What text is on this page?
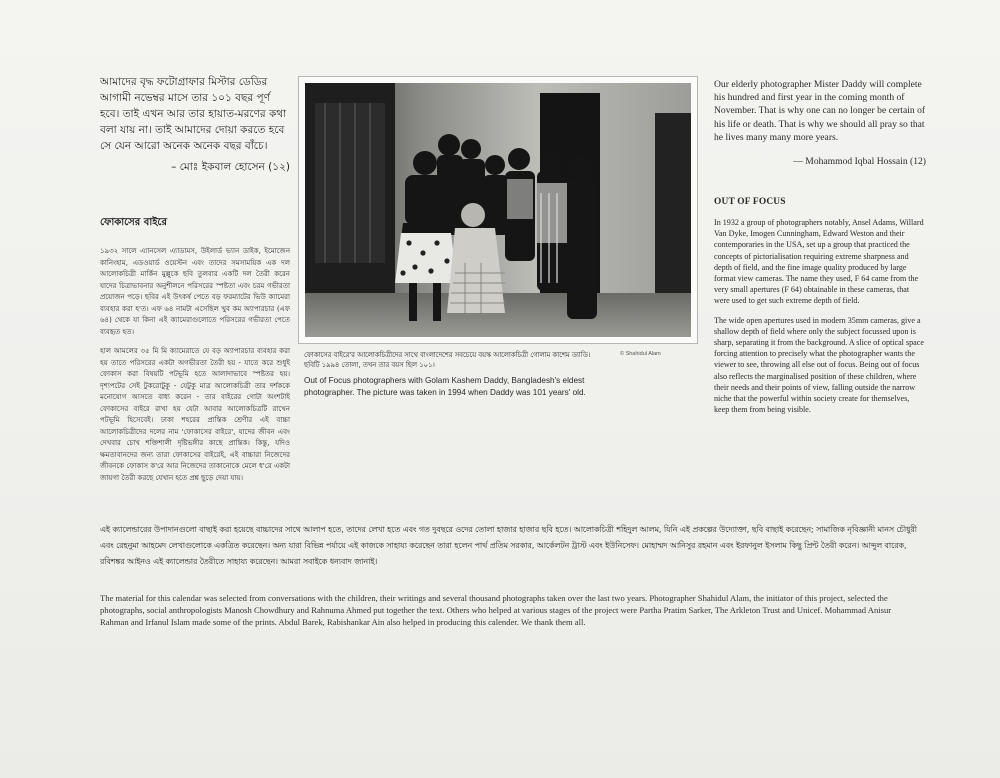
আমাদের বৃদ্ধ ফটোগ্রাফার মিস্টার ডেডির আগামী নভেম্বর মাসে তার ১০১ বছর পূর্ণ হবে। তাই এখন আর তার হায়াত-মরণের কথা বলা যায় না। তাই আমাদের দোয়া করতে হবে সে যেন আরো অনেক অনেক বছর বাঁচে।

– মোঃ ইকবাল হোসেন (১২)

ফোকাসের বাইরে

১৯৩২ সালে এ্যানসেল এ্যাডামস, উইলার্ড ভ্যান ডাইক, ইমোজেন কানিংহাম, এডওয়ার্ড ওয়েস্টন এবং তাদের সমসাময়িক এক দল আলোকচিত্রী মার্কিন মুল্লুকে ছবি তুলবার একটি দল তৈরী করেন যাদের চিত্রাভাবনার অনুশীলনে পরিসরের স্পষ্টতা এবং চরম গভীরতা প্রয়োজন পড়ে। ছবির এই উৎকর্ষ পেতে বড় ফরম্যাটের ভিউ ক্যামেরা ব্যবহার করা হ'ত। এফ ৬৪ নামটা এসেছিল খুব কম অ্যাপারচার (এফ ৬৪) থেকে যা কিনা এই ক্যামেরাগুলোতে পরিসরের গভীরতা পেতে ব্যবহৃত হত।

হাল আমলের ৩৫ মি মি ক্যামেরাতে যে বড় অ্যাপারচার ব্যবহার করা হয় তাতে পরিসরের একটা অগভীরতা তৈরী হয় - যাতে করে শুধুই ফোকাস করা বিষয়টি পটভূমি হতে আলাদাভাবে স্পষ্টতর হয়। দৃশ্যপটের সেই টুকরোটুকু - যেটুকু মাত্র আলোকচিত্রী তার দর্শককে মনোযোগ আসতে বাধ্য করেন - তার বাইরের গোটা অংশটাই ফোকাসের বাইরে রাখা হয় যেটা আবার আলোকচিত্রটি রাখেন পটভূমি হিসেবেই। ঢাকা শহরের প্রান্তিক শ্রেণীর এই বাচ্চা আলোকচিত্রীদের দলের নাম 'ফোকাসের বাইরে', যাদের জীবন এবং দেখবার চোখ শক্তিশালী দৃষ্টিভঙ্গীর কাছে প্রান্তিক। কিন্তু, যদিও ক্ষমতাবানদের জন্য তারা ফোকাসের বাইরেই, এই বাচ্চারা নিজেদের জীবনকে ফোকাস ক'রে আর নিজেদের তাকানোকে মেলে ধ'রে একটা জায়গা তৈরী করছে যেখান হতে প্রশ্ন ছুড়ে দেয়া যায়।

ফোকাসের বাইরে'র আলোকচিত্রীদের সাথে বাংলাদেশের সবচেয়ে বয়স্ক আলোকচিত্রী গোলাম কাশেম ড্যাডি। ছবিটি ১৯৯৪ তোলা, তখন তার বয়স ছিল ১০১।
© Shahidul Alam
Out of Focus photographers with Golam Kashem Daddy, Bangladesh's eldest photographer. The picture was taken in 1994 when Daddy was 101 years' old.

Our elderly photographer Mister Daddy will complete his hundred and first year in the coming month of November. That is why one can no longer be certain of his life or death. That is why we should all pray so that he lives many many more years.

— Mohammod Iqbal Hossain (12)

OUT OF FOCUS

In 1932 a group of photographers notably, Ansel Adams, Willard Van Dyke, Imogen Cunningham, Edward Weston and their contemporaries in the USA, set up a group that practiced the concepts of pictorialisation requiring extreme sharpness and depth of field, and the fine image quality produced by large format view cameras. The name they used, F 64 came from the very small apertures (F 64) obtainable in these cameras, that were used to get such extreme depth of field.

The wide open apertures used in modern 35mm cameras, give a shallow depth of field where only the subject focussed upon is sharp, separating it from the background. A slice of optical space forcing attention to precisely what the photographer wants the viewer to see, throwing all else out of focus. Being out of focus also reflects the marginalised position of these children, where their needs and their points of view, falling outside the narrow niche that the powerful within society create for themselves, keep them from being visible.

এই ক্যালেন্ডারের উপাদানগুলো বাছাই করা হয়েছে বাচ্চাদের সাথে আলাপ হতে, তাদের লেখা হতে এবং গত দুবছরে ওদের তোলা হাজার হাজার ছবি হতে। আলোকচিত্রী শহিদুল আলম, যিনি এই প্রকল্পের উদ্যোক্তা, ছবি বাছাই করেছেন; সামাজিক নৃবিজ্ঞানী মানস চৌধুরী এবং রেহনুমা আহমেদ লেখাগুলোকে একত্রিত করেছেন। অন্য যারা বিভিন্ন পর্যায়ে এই কাজকে সাহায্য করেছেন তারা হলেন পার্থ প্রতিম সরকার, আর্কেলটন ট্রাস্ট এবং ইউনিসেফ। মোহাম্মদ আনিসুর রহমান এবং ইরফানুল ইসলাম কিছু প্রিন্ট তৈরী করেন। আব্দুল বারেক, রবিশঙ্কর আইনও এই ক্যালেন্ডার তৈরীতে সাহায্য করেছেন। আমরা সবাইকে ধন্যবাদ জানাই।

The material for this calendar was selected from conversations with the children, their writings and several thousand photographs taken over the last two years. Photographer Shahidul Alam, the initiator of this project, selected the photographs, social anthropologists Manosh Chowdhury and Rahnuma Ahmed put together the text. Others who helped at various stages of the project were Partha Pratim Sarker, The Arkleton Trust and Unicef. Mohammad Anisur Rahman and Irfanul Islam made some of the prints. Abdul Barek, Rabishankar Ain also helped in producing this calender. We thank them all.
